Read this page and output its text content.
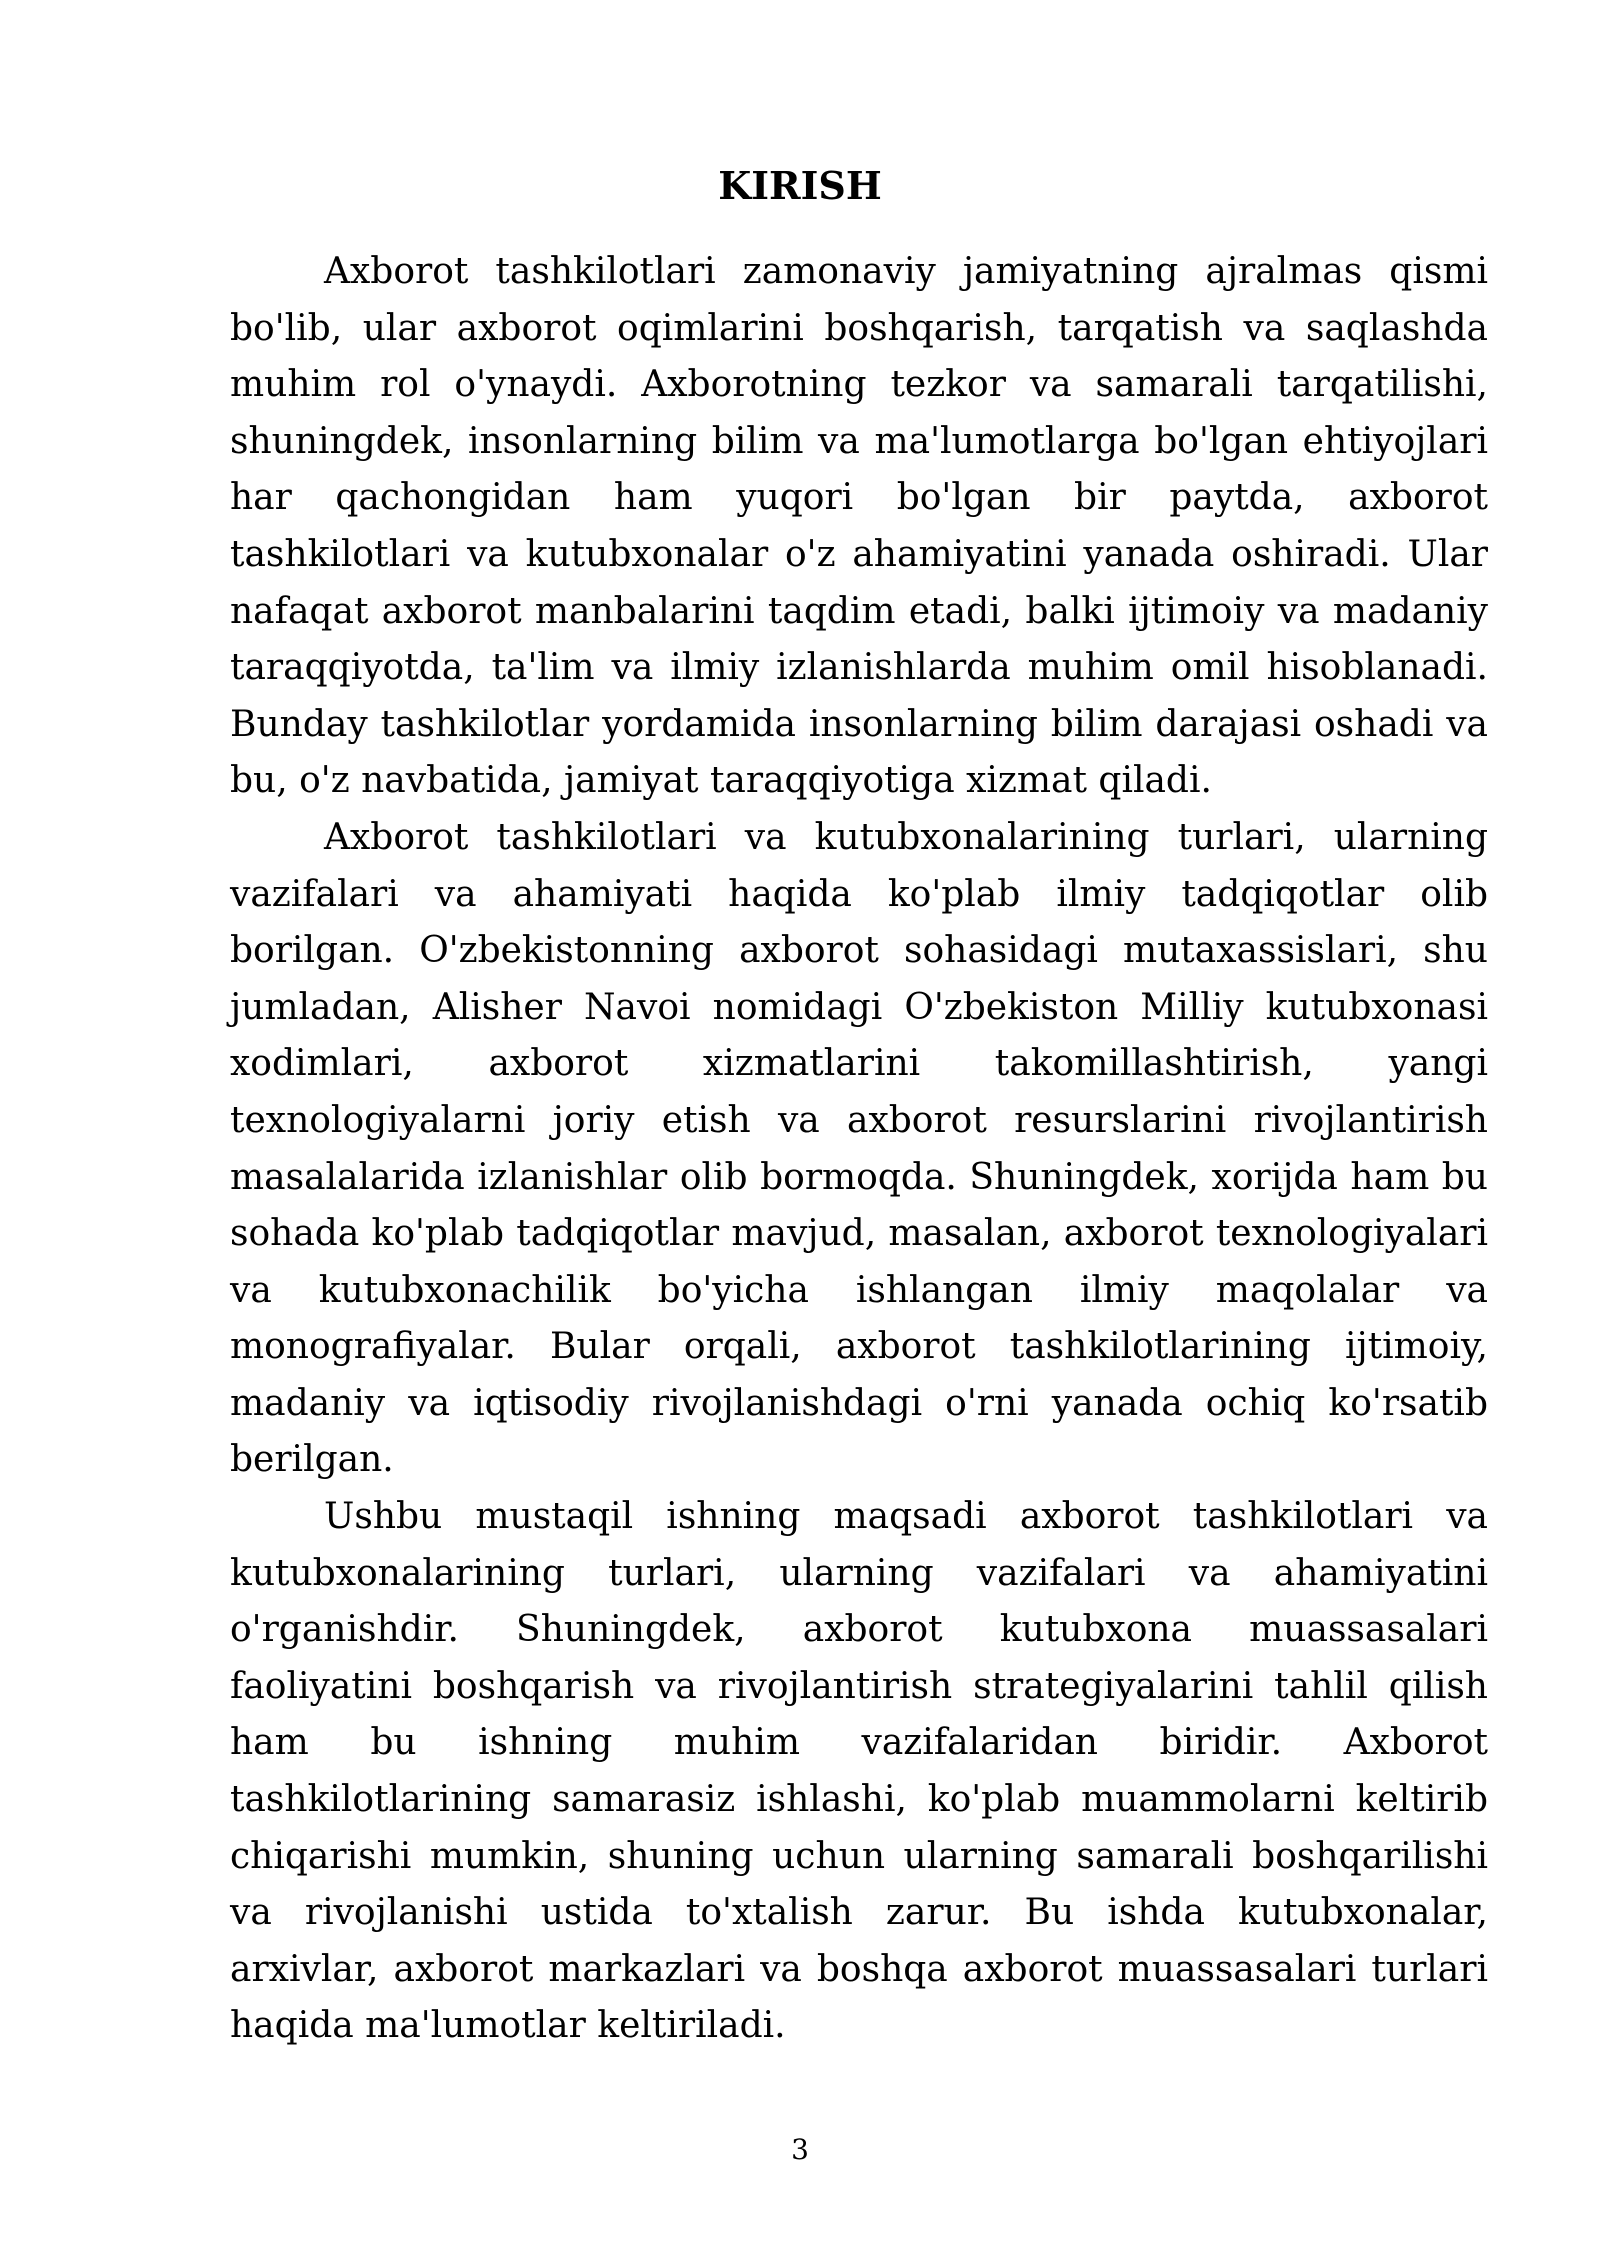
KIRISH

Axborot tashkilotlari zamonaviy jamiyatning ajralmas qismi bo'lib, ular axborot oqimlarini boshqarish, tarqatish va saqlashda muhim rol o'ynaydi. Axborotning tezkor va samarali tarqatilishi, shuningdek, insonlarning bilim va ma'lumotlarga bo'lgan ehtiyojlari har qachongidan ham yuqori bo'lgan bir paytda, axborot tashkilotlari va kutubxonalar o'z ahamiyatini yanada oshiradi. Ular nafaqat axborot manbalarini taqdim etadi, balki ijtimoiy va madaniy taraqqiyotda, ta'lim va ilmiy izlanishlarda muhim omil hisoblanadi. Bunday tashkilotlar yordamida insonlarning bilim darajasi oshadi va bu, o'z navbatida, jamiyat taraqqiyotiga xizmat qiladi.

Axborot tashkilotlari va kutubxonalarining turlari, ularning vazifalari va ahamiyati haqida ko'plab ilmiy tadqiqotlar olib borilgan. O'zbekistonning axborot sohasidagi mutaxassislari, shu jumladan, Alisher Navoi nomidagi O'zbekiston Milliy kutubxonasi xodimlari, axborot xizmatlarini takomillashtirish, yangi texnologiyalarni joriy etish va axborot resurslarini rivojlantirish masalalarida izlanishlar olib bormoqda. Shuningdek, xorijda ham bu sohada ko'plab tadqiqotlar mavjud, masalan, axborot texnologiyalari va kutubxonachilik bo'yicha ishlangan ilmiy maqolalar va monografiyalar. Bular orqali, axborot tashkilotlarining ijtimoiy, madaniy va iqtisodiy rivojlanishdagi o'rni yanada ochiq ko'rsatib berilgan.

Ushbu mustaqil ishning maqsadi axborot tashkilotlari va kutubxonalarining turlari, ularning vazifalari va ahamiyatini o'rganishdir. Shuningdek, axborot kutubxona muassasalari faoliyatini boshqarish va rivojlantirish strategiyalarini tahlil qilish ham bu ishning muhim vazifalaridan biridir. Axborot tashkilotlarining samarasiz ishlashi, ko'plab muammolarni keltirib chiqarishi mumkin, shuning uchun ularning samarali boshqarilishi va rivojlanishi ustida to'xtalish zarur. Bu ishda kutubxonalar, arxivlar, axborot markazlari va boshqa axborot muassasalari turlari haqida ma'lumotlar keltiriladi.

3
